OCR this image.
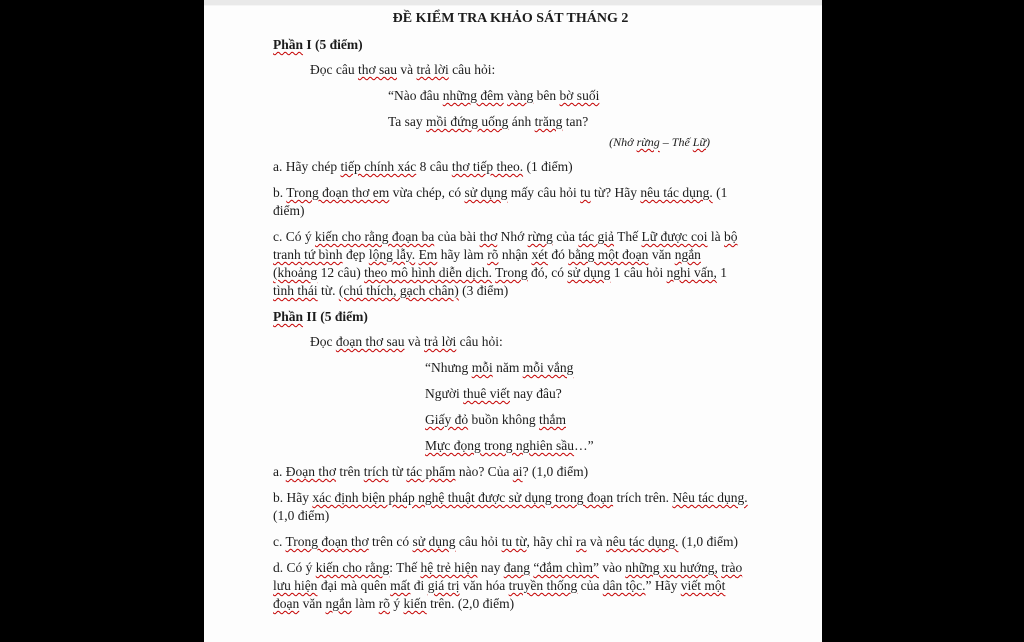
ĐỀ KIỂM TRA KHẢO SÁT THÁNG 2
Phần I (5 điểm)
Đọc câu thơ sau và trả lời câu hỏi:
“Nào đâu những đêm vàng bên bờ suối
Ta say mồi đứng uống ánh trăng tan?
(Nhớ rừng – Thế Lữ)
a. Hãy chép tiếp chính xác 8 câu thơ tiếp theo. (1 điểm)
b. Trong đoạn thơ em vừa chép, có sử dụng mấy câu hỏi tu từ? Hãy nêu tác dụng. (1 điểm)
c. Có ý kiến cho rằng đoạn ba của bài thơ Nhớ rừng của tác giả Thế Lữ được coi là bộ tranh tứ bình đẹp lộng lẫy. Em hãy làm rõ nhận xét đó bằng một đoạn văn ngắn (khoảng 12 câu) theo mô hình diễn dịch. Trong đó, có sử dụng 1 câu hỏi nghi vấn, 1 tình thái từ. (chú thích, gạch chân) (3 điểm)
Phần II (5 điểm)
Đọc đoạn thơ sau và trả lời câu hỏi:
“Nhưng mỗi năm mỗi vắng
Người thuê viết nay đâu?
Giấy đỏ buồn không thắm
Mực đọng trong nghiên sầu…”
a. Đoạn thơ trên trích từ tác phẩm nào? Của ai? (1,0 điểm)
b. Hãy xác định biện pháp nghệ thuật được sử dụng trong đoạn trích trên. Nêu tác dụng. (1,0 điểm)
c. Trong đoạn thơ trên có sử dụng câu hỏi tu từ, hãy chỉ ra và nêu tác dụng. (1,0 điểm)
d. Có ý kiến cho rằng: Thế hệ trẻ hiện nay đang “đắm chìm” vào những xu hướng, trào lưu hiện đại mà quên mất đi giá trị văn hóa truyền thống của dân tộc.” Hãy viết một đoạn văn ngắn làm rõ ý kiến trên. (2,0 điểm)
